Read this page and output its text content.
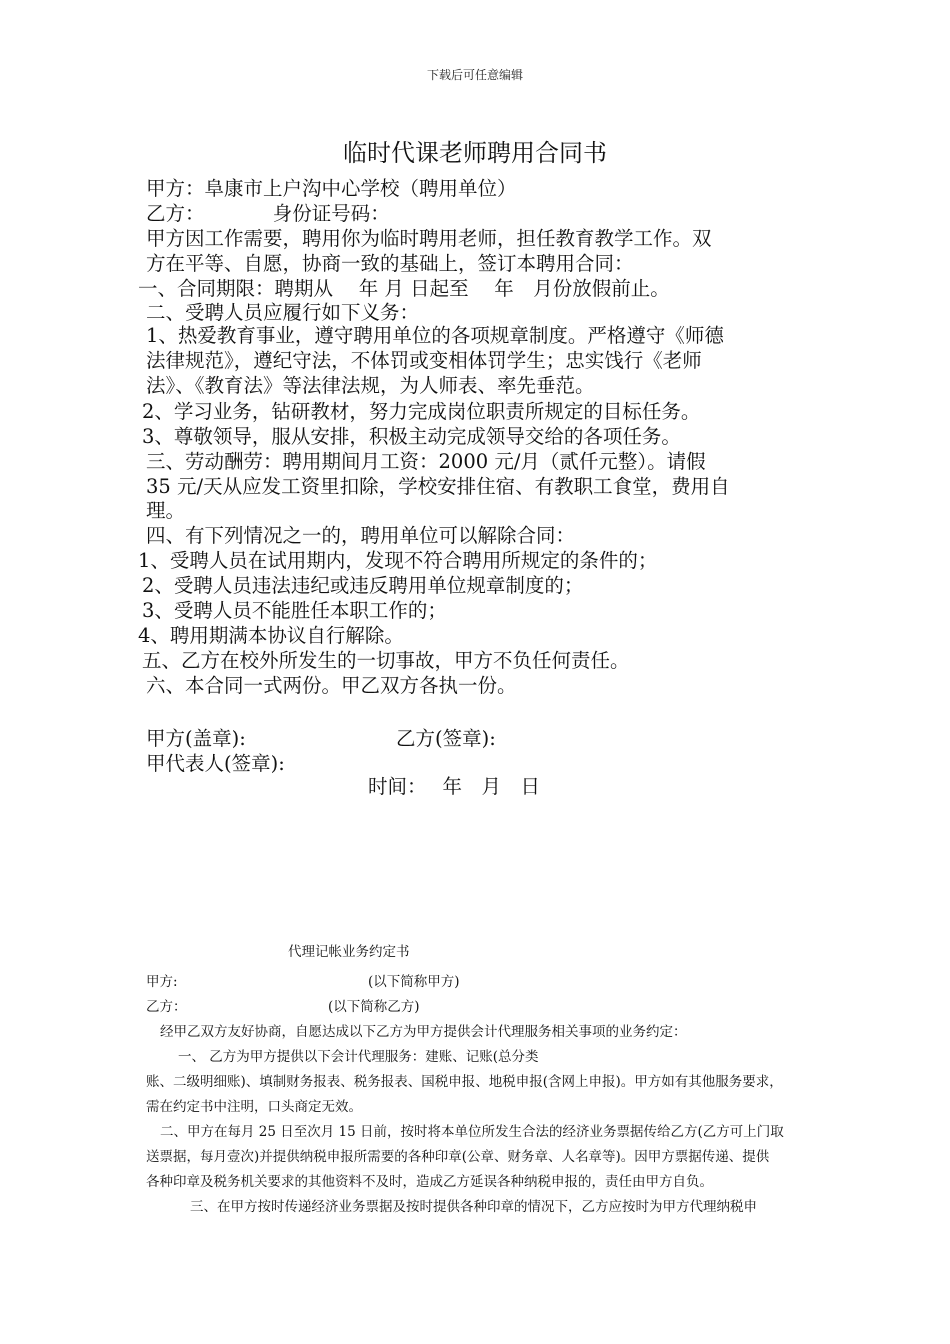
下载后可任意编辑
临时代课老师聘用合同书
甲方：阜康市上户沟中心学校（聘用单位）
乙方：　　　　身份证号码：
甲方因工作需要，聘用你为临时聘用老师，担任教育教学工作。双
方在平等、自愿，协商一致的基础上，签订本聘用合同：
一、合同期限：聘期从　 年 月 日起至　 年　月份放假前止。
二、受聘人员应履行如下义务：
1、热爱教育事业，遵守聘用单位的各项规章制度。严格遵守《师德
法律规范》，遵纪守法，不体罚或变相体罚学生；忠实饯行《老师
法》、《教育法》等法律法规，为人师表、率先垂范。
2、学习业务，钻研教材，努力完成岗位职责所规定的目标任务。
3、尊敬领导，服从安排，积极主动完成领导交给的各项任务。
三、劳动酬劳：聘用期间月工资：2000 元/月（贰仟元整）。请假
35 元/天从应发工资里扣除，学校安排住宿、有教职工食堂，费用自
理。
四、有下列情况之一的，聘用单位可以解除合同：
1、受聘人员在试用期内，发现不符合聘用所规定的条件的；
2、受聘人员违法违纪或违反聘用单位规章制度的；
3、受聘人员不能胜任本职工作的；
4、聘用期满本协议自行解除。
五、乙方在校外所发生的一切事故，甲方不负任何责任。
六、本合同一式两份。甲乙双方各执一份。
甲方(盖章):	乙方(签章):
甲代表人(签章):
时间：　 年　月　日
代理记帐业务约定书
甲方:	(以下简称甲方)
乙方：	(以下简称乙方)
经甲乙双方友好协商，自愿达成以下乙方为甲方提供会计代理服务相关事项的业务约定：
一、 乙方为甲方提供以下会计代理服务：建账、记账(总分类
账、二级明细账)、填制财务报表、税务报表、国税申报、地税申报(含网上申报)。甲方如有其他服务要求，
需在约定书中注明，口头商定无效。
二、甲方在每月 25 日至次月 15 日前，按时将本单位所发生合法的经济业务票据传给乙方(乙方可上门取
送票据，每月壹次)并提供纳税申报所需要的各种印章(公章、财务章、人名章等)。因甲方票据传递、提供
各种印章及税务机关要求的其他资料不及时，造成乙方延误各种纳税申报的，责任由甲方自负。
三、在甲方按时传递经济业务票据及按时提供各种印章的情况下，乙方应按时为甲方代理纳税申
